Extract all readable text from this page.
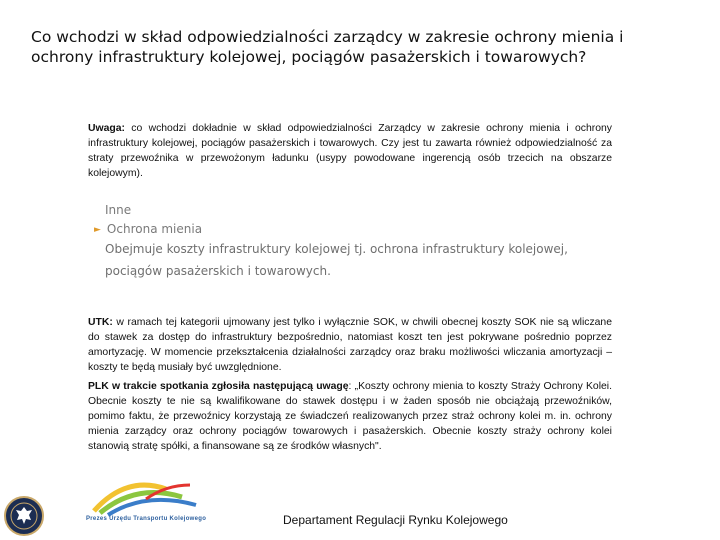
Co wchodzi w skład odpowiedzialności zarządcy w zakresie ochrony mienia i
ochrony infrastruktury kolejowej, pociągów pasażerskich i towarowych?
Uwaga: co wchodzi dokładnie w skład odpowiedzialności Zarządcy w zakresie ochrony mienia i ochrony infrastruktury kolejowej, pociągów pasażerskich i towarowych. Czy jest tu zawarta również odpowiedzialność za straty przewoźnika w przewożonym ładunku (usypy powodowane ingerencją osób trzecich na obszarze kolejowym).
Inne
► Ochrona mienia
Obejmuje koszty infrastruktury kolejowej tj. ochrona infrastruktury kolejowej, pociągów pasażerskich i towarowych.
UTK: w ramach tej kategorii ujmowany jest tylko i wyłącznie SOK, w chwili obecnej koszty SOK nie są wliczane do stawek za dostęp do infrastruktury bezpośrednio, natomiast koszt ten jest pokrywane pośrednio poprzez amortyzację. W momencie przekształcenia działalności zarządcy oraz braku możliwości wliczania amortyzacji – koszty te będą musiały być uwzględnione.
PLK w trakcie spotkania zgłosiła następującą uwagę: „Koszty ochrony mienia to koszty Straży Ochrony Kolei. Obecnie koszty te nie są kwalifikowane do stawek dostępu i w żaden sposób nie obciążają przewoźników, pomimo faktu, że przewoźnicy korzystają ze świadczeń realizowanych przez straż ochrony kolei m. in. ochrony mienia zarządcy oraz ochrony pociągów towarowych i pasażerskich. Obecnie koszty straży ochrony kolei stanowią stratę spółki, a finansowane są ze środków własnych".
Prezes Urzędu Transportu Kolejowego	Departament Regulacji Rynku Kolejowego
